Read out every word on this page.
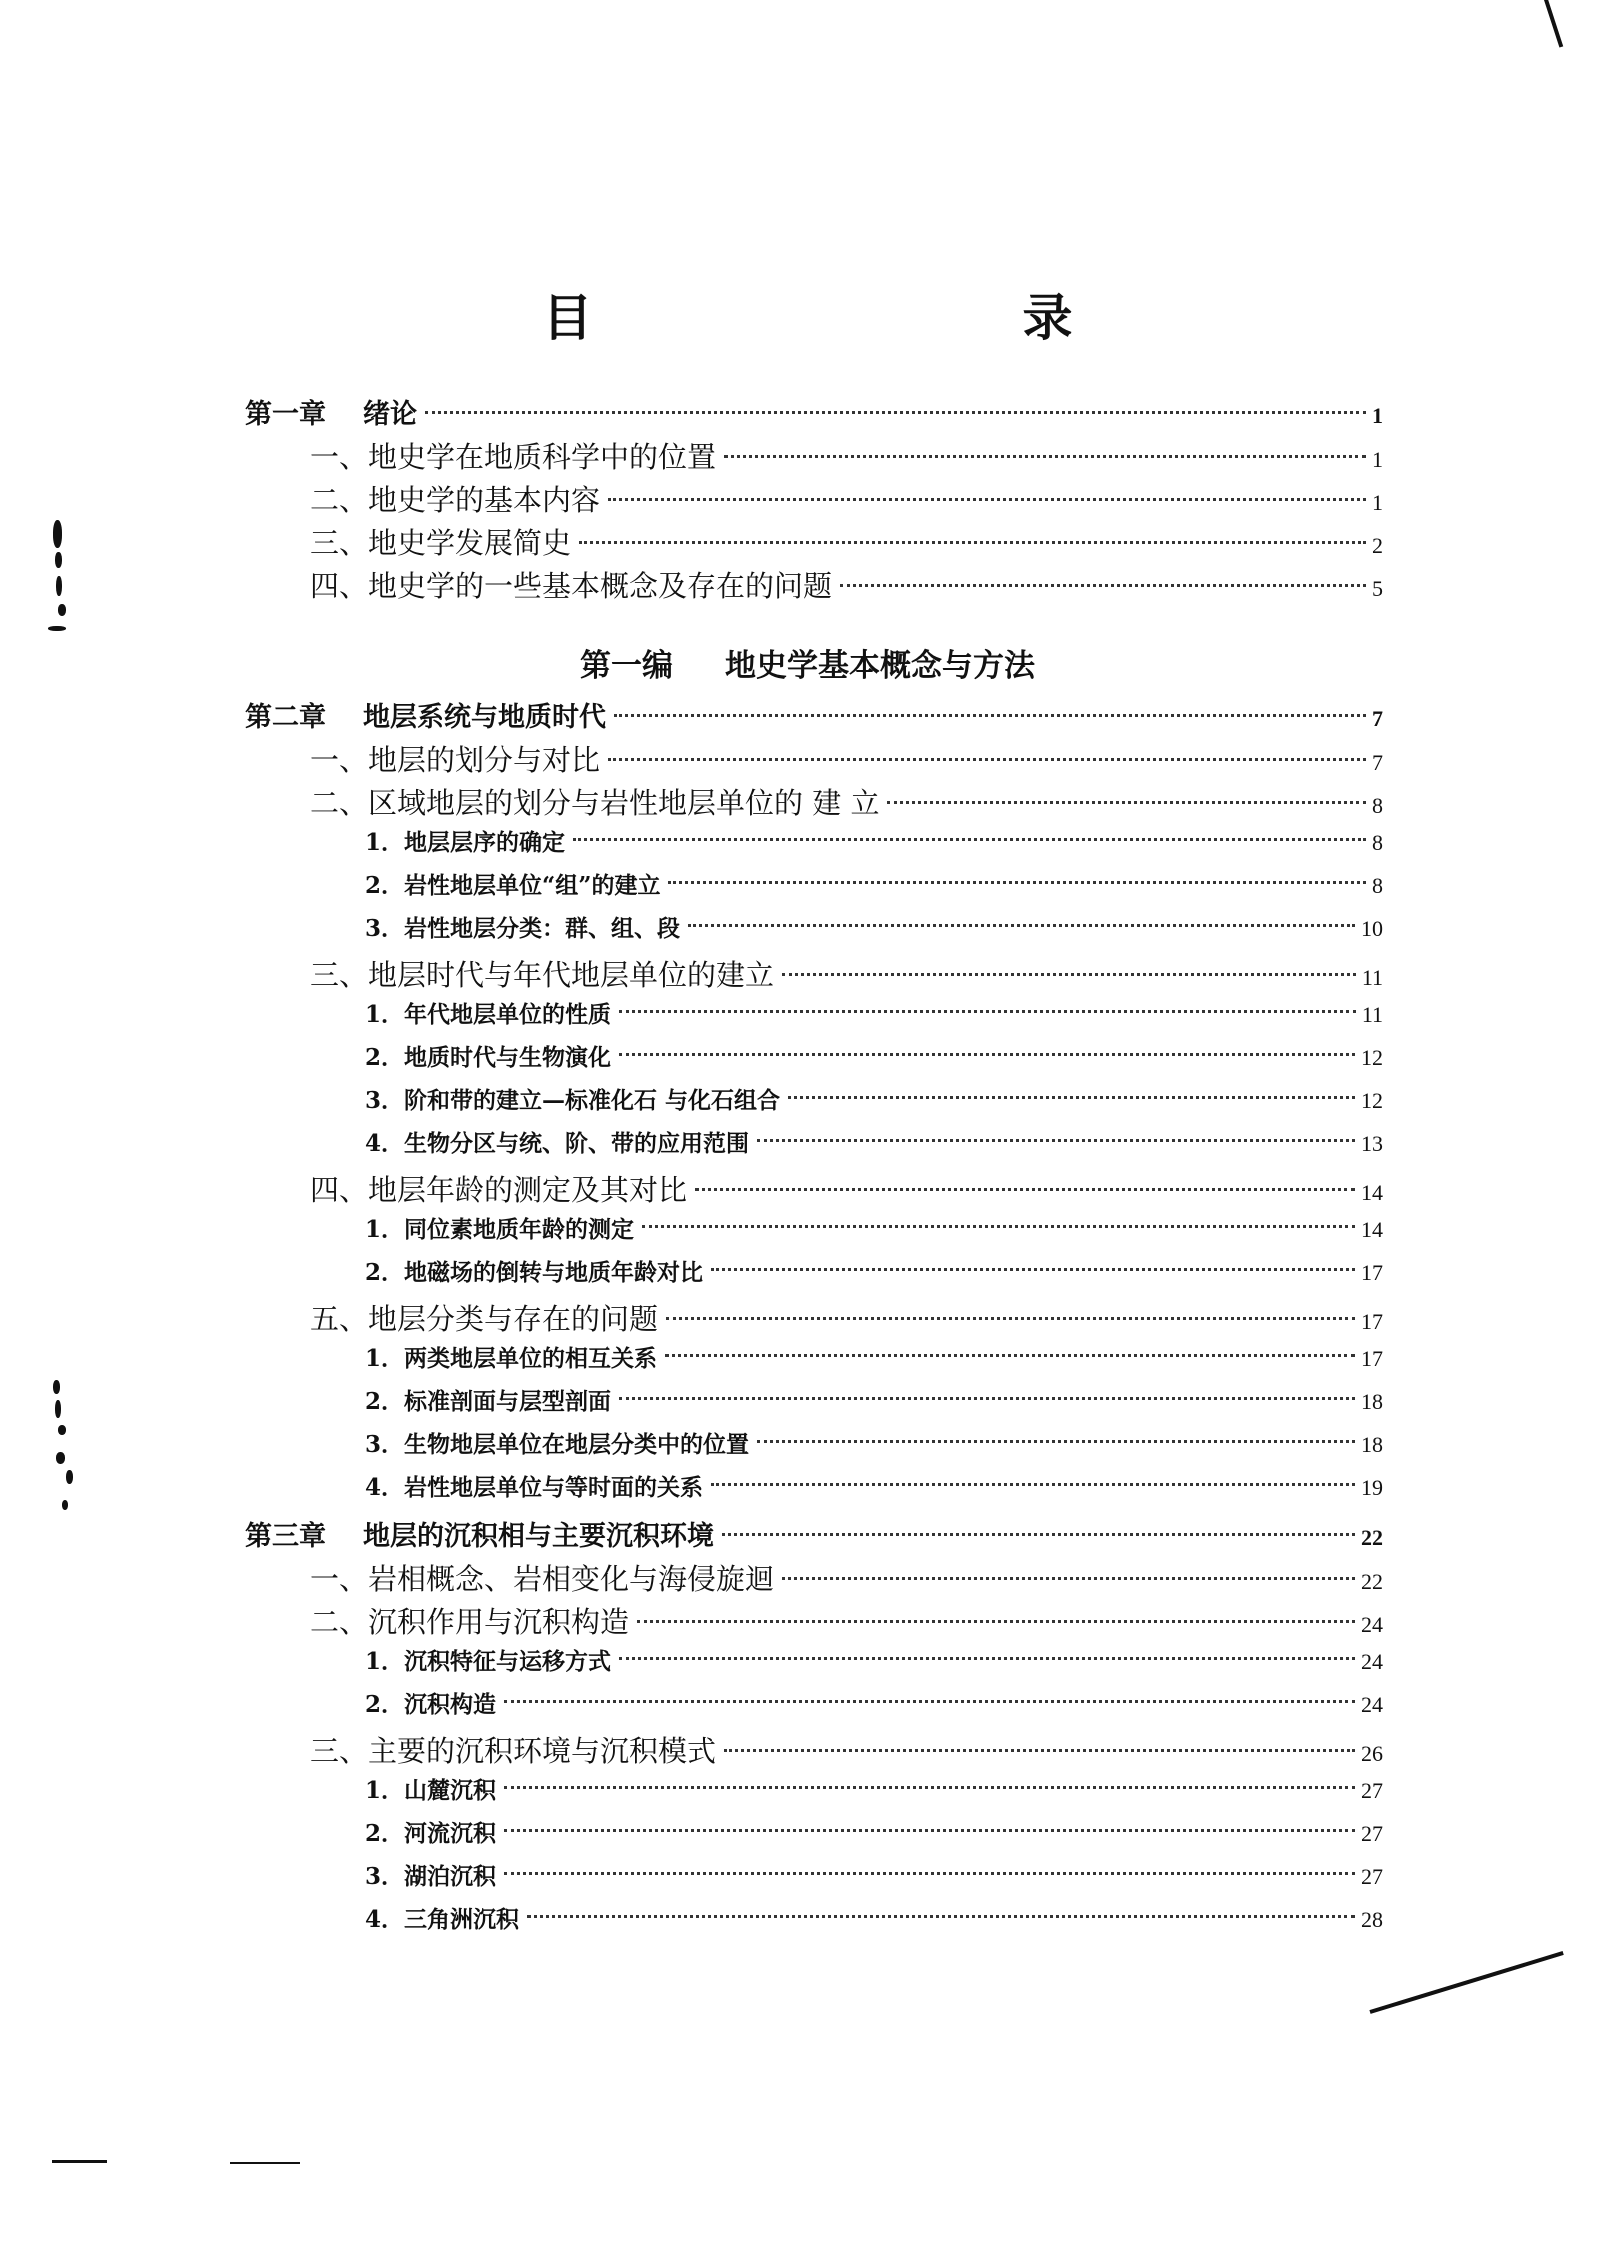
目　　录
第一编 地史学基本概念与方法
第一章 绪论	1
一、地史学在地质科学中的位置	1
二、地史学的基本内容	1
三、地史学发展简史	2
四、地史学的一些基本概念及存在的问题	5
第二章 地层系统与地质时代	7
一、地层的划分与对比	7
二、区域地层的划分与岩性地层单位的 建 立	8
1．地层层序的确定	8
2．岩性地层单位“组”的建立	8
3．岩性地层分类：群、组、段	10
三、地层时代与年代地层单位的建立	11
1．年代地层单位的性质	11
2．地质时代与生物演化	12
3．阶和带的建立—标准化石 与化石组合	12
4．生物分区与统、阶、带的应用范围	13
四、地层年龄的测定及其对比	14
1．同位素地质年龄的测定	14
2．地磁场的倒转与地质年龄对比	17
五、地层分类与存在的问题	17
1．两类地层单位的相互关系	17
2．标准剖面与层型剖面	18
3．生物地层单位在地层分类中的位置	18
4．岩性地层单位与等时面的关系	19
第三章 地层的沉积相与主要沉积环境	22
一、岩相概念、岩相变化与海侵旋迴	22
二、沉积作用与沉积构造	24
1．沉积特征与运移方式	24
2．沉积构造	24
三、主要的沉积环境与沉积模式	26
1．山麓沉积	27
2．河流沉积	27
3．湖泊沉积	27
4．三角洲沉积	28
